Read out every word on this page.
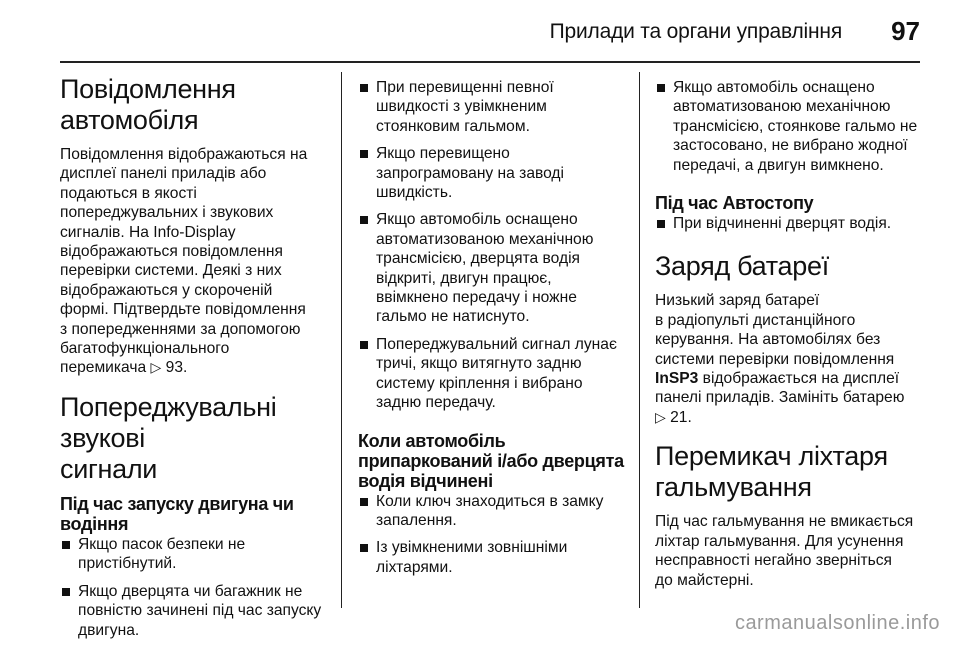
Прилади та органи управління 97
Повідомлення
автомобіля

Повідомлення відображаються на
дисплеї панелі приладів або
подаються в якості
попереджувальних і звукових
сигналів. На Info-Display
відображаються повідомлення
перевірки системи. Деякі з них
відображаються у скороченій
формі. Підтвердьте повідомлення
з попередженнями за допомогою
багатофункціонального
перемикача ▷ 93.

Попереджувальні звукові
сигнали
Під час запуску двигуна чи
водіння
Якщо пасок безпеки не
пристібнутий.
Якщо дверцята чи багажник не
повністю зачинені під час запуску
двигуна.
При перевищенні певної
швидкості з увімкненим
стоянковим гальмом.
Якщо перевищено
запрограмовану на заводі
швидкість.
Якщо автомобіль оснащено
автоматизованою механічною
трансмісією, дверцята водія
відкриті, двигун працює,
ввімкнено передачу і ножне
гальмо не натиснуто.
Попереджувальний сигнал лунає
тричі, якщо витягнуто задню
систему кріплення і вибрано
задню передачу.
Коли автомобіль
припаркований і/або дверцята
водія відчинені
Коли ключ знаходиться в замку
запалення.
Із увімкненими зовнішніми
ліхтарями.
Якщо автомобіль оснащено
автоматизованою механічною
трансмісією, стоянкове гальмо не
застосовано, не вибрано жодної
передачі, а двигун вимкнено.
Під час Автостопу
При відчиненні дверцят водія.
Заряд батареї

Низький заряд батареї
в радіопульті дистанційного
керування. На автомобілях без
системи перевірки повідомлення
InSP3 відображається на дисплеї
панелі приладів. Замініть батарею
▷ 21.

Перемикач ліхтаря
гальмування

Під час гальмування не вмикається
ліхтар гальмування. Для усунення
несправності негайно зверніться
до майстерні.

carmanualsonline.info
